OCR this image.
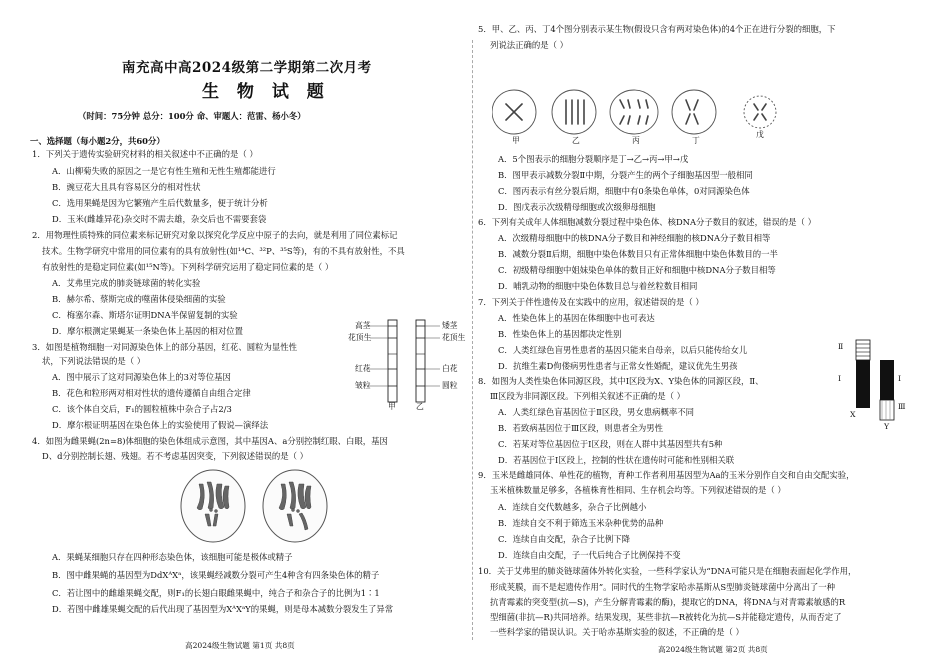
南充高中高2024级第二学期第二次月考
生 物 试 题
（时间：75分钟 总分：100分 命、审题人：范雷、杨小冬）
一、选择题（每小题2分，共60分）
1．下列关于遗传实验研究材料的相关叙述中不正确的是（ ）
A．山柳菊失败的原因之一是它有性生殖和无性生殖都能进行
B．豌豆花大且具有容易区分的相对性状
C．选用果蝇是因为它繁殖产生后代数量多，便于统计分析
D．玉米(雌雄异花)杂交时不需去雄，杂交后也不需要套袋
2．用物理性质特殊的同位素来标记研究对象以探究化学反应中原子的去向，就是利用了同位素标记
技术。生物学研究中常用的同位素有的具有放射性(如¹⁴C、³²P、³⁵S等)，有的不具有放射性，不具
有放射性的是稳定同位素(如¹⁵N等)。下列科学研究运用了稳定同位素的是（ ）
A．艾弗里完成的肺炎链球菌的转化实验
B．赫尔希、蔡斯完成的噬菌体侵染细菌的实验
C．梅塞尔森、斯塔尔证明DNA半保留复制的实验
D．摩尔根测定果蝇某一条染色体上基因的相对位置
3．如图是植物细胞一对同源染色体上的部分基因，红花、圆粒为显性性
状，下列说法错误的是（ ）
A．图中展示了这对同源染色体上的3对等位基因
B．花色和粒形两对相对性状的遗传遵循自由组合定律
C．该个体自交后，F₁的圆粒植株中杂合子占2/3
D．摩尔根证明基因在染色体上的实验使用了假说—演绎法
4．如图为雌果蝇(2n=8)体细胞的染色体组成示意图，其中基因A、a分别控制红眼、白眼，基因
D、d分别控制长翅、残翅。若不考虑基因突变，下列叙述错误的是（ ）
A．果蝇某细胞只存在四种形态染色体，该细胞可能是极体或精子
B．图中雌果蝇的基因型为DdXᴬXᵃ，该果蝇经减数分裂可产生4种含有四条染色体的精子
C．若让图中的雌雄果蝇交配，则F₁的长翅白眼雌果蝇中，纯合子和杂合子的比例为1∶1
D．若图中雌雄果蝇交配的后代出现了基因型为XᴬXᵃY的果蝇，则是母本减数分裂发生了异常
高茎
花顶生
红花
皱粒
矮茎
花顶生
白花
圆粒
甲	乙
高2024级生物试题 第1页 共8页
5．甲、乙、丙、丁4个图分别表示某生物(假设只含有两对染色体)的4个正在进行分裂的细胞，下
列说法正确的是（ ）
甲	乙	丙	丁
戊
A．5个图表示的细胞分裂顺序是丁→乙→丙→甲→戊
B．图甲表示减数分裂Ⅱ中期，分裂产生的两个子细胞基因型一般相同
C．图丙表示有丝分裂后期，细胞中有0条染色单体，0对同源染色体
D．图戊表示次级精母细胞或次级卵母细胞
6．下列有关成年人体细胞减数分裂过程中染色体、核DNA分子数目的叙述，错误的是（ ）
A．次级精母细胞中的核DNA分子数目和神经细胞的核DNA分子数目相等
B．减数分裂Ⅱ后期，细胞中染色体数目只有正常体细胞中染色体数目的一半
C．初级精母细胞中姐妹染色单体的数目正好和细胞中核DNA分子数目相等
D．哺乳动物的细胞中染色体数目总与着丝粒数目相同
7．下列关于伴性遗传及在实践中的应用，叙述错误的是（ ）
A．性染色体上的基因在体细胞中也可表达
B．性染色体上的基因都决定性别
C．人类红绿色盲男性患者的基因只能来自母亲，以后只能传给女儿
D．抗维生素D佝偻病男性患者与正常女性婚配，建议优先生男孩
8．如图为人类性染色体同源区段，其中Ⅰ区段为X、Y染色体的同源区段，Ⅱ、
Ⅲ区段为非同源区段。下列相关叙述不正确的是（ ）
A．人类红绿色盲基因位于Ⅱ区段，男女患病概率不同
B．若致病基因位于Ⅲ区段，则患者全为男性
C．若某对等位基因位于Ⅰ区段，则在人群中其基因型共有5种
D．若基因位于Ⅰ区段上，控制的性状在遗传时可能和性别相关联
9．玉米是雌雄同体、单性花的植物，育种工作者利用基因型为Aa的玉米分别作自交和自由交配实验，
玉米植株数量足够多，各植株育性相同、生存机会均等。下列叙述错误的是（ ）
A．连续自交代数越多，杂合子比例越小
B．连续自交不利于筛选玉米杂种优势的品种
C．连续自由交配，杂合子比例下降
D．连续自由交配，子一代后纯合子比例保持不变
10．关于艾弗里的肺炎链球菌体外转化实验，一些科学家认为“DNA可能只是在细胞表面起化学作用，
形成荚膜，而不是起遗传作用”。同时代的生物学家哈赤基斯从S型肺炎链球菌中分离出了一种
抗青霉素的突变型(抗—S)，产生分解青霉素的酶)，提取它的DNA，将DNA与对青霉素敏感的R
型细菌(非抗—R)共同培养。结果发现，某些非抗—R被转化为抗—S并能稳定遗传，从而否定了
一些科学家的错误认识。关于哈赤基斯实验的叙述，不正确的是（ ）
Ⅱ
Ⅰ
X
Ⅰ
Ⅲ
Y
高2024级生物试题 第2页 共8页
